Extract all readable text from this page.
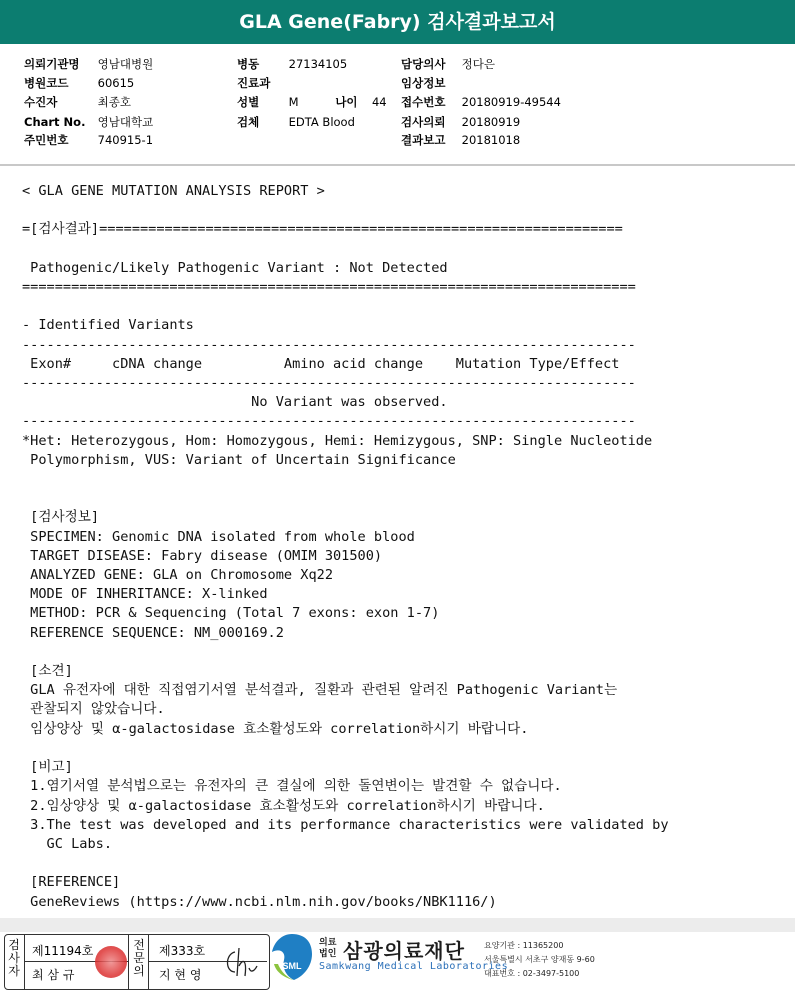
GLA Gene(Fabry) 검사결과보고서
의뢰기관명 영남대병원
병원코드	60615
수진자	최종호
Chart No. 영남대학교
주민번호	740915-1
병동	27134105
진료과
성별	M	나이 44
검체	EDTA Blood
담당의사 정다은
임상정보
접수번호 20180919-49544
검사의뢰 20180919
결과보고 20181018
< GLA GENE MUTATION ANALYSIS REPORT >

=[검사결과]================================================================

Pathogenic/Likely Pathogenic Variant : Not Detected
===========================================================================

- Identified Variants
---------------------------------------------------------------------------
Exon#     cDNA change          Amino acid change    Mutation Type/Effect
---------------------------------------------------------------------------
No Variant was observed.
---------------------------------------------------------------------------
*Het: Heterozygous, Hom: Homozygous, Hemi: Hemizygous, SNP: Single Nucleotide
Polymorphism, VUS: Variant of Uncertain Significance

[검사정보]
SPECIMEN: Genomic DNA isolated from whole blood
TARGET DISEASE: Fabry disease (OMIM 301500)
ANALYZED GENE: GLA on Chromosome Xq22
MODE OF INHERITANCE: X-linked
METHOD: PCR & Sequencing (Total 7 exons: exon 1-7)
REFERENCE SEQUENCE: NM_000169.2

[소견]
GLA 유전자에 대한 직접염기서열 분석결과, 질환과 관련된 알려진 Pathogenic Variant는
관찰되지 않았습니다.
임상양상 및 α-galactosidase 효소활성도와 correlation하시기 바랍니다.

[비고]
1.염기서열 분석법으로는 유전자의 큰 결실에 의한 돌연변이는 발견할 수 없습니다.
2.임상양상 및 α-galactosidase 효소활성도와 correlation하시기 바랍니다.
3.The test was developed and its performance characteristics were validated by
GC Labs.

[REFERENCE]
GeneReviews (https://www.ncbi.nlm.nih.gov/books/NBK1116/)
검사자
제11194호
최 삼 규
전문의
제333호
지 현 영
SML
의료
법인 삼광의료재단
Samkwang Medical Laboratories
요양기관 : 11365200
서울특별시 서초구 양재동 9-60
대표번호 : 02-3497-5100
